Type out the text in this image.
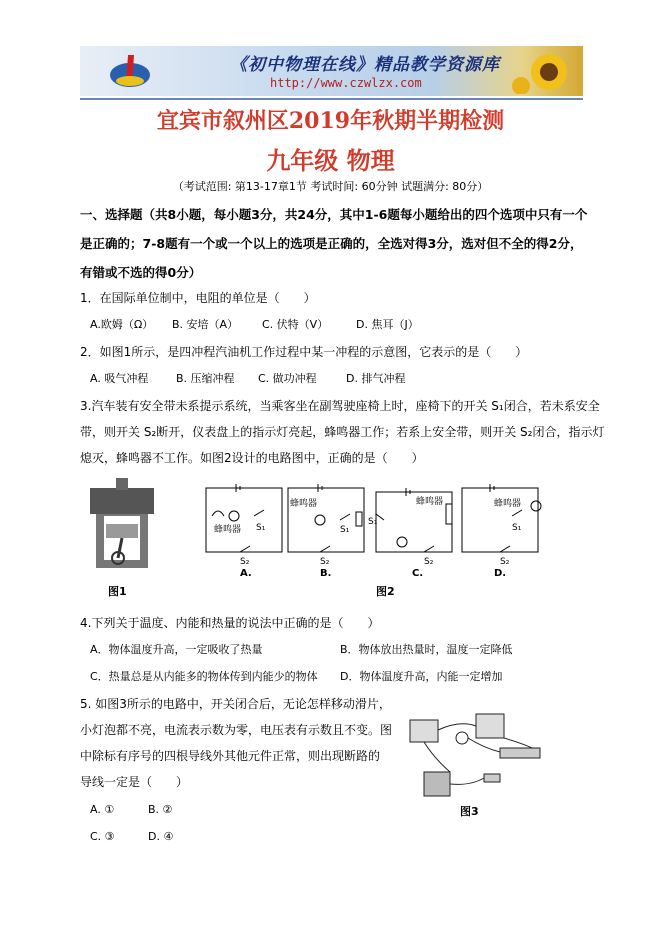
《初中物理在线》精品教学资源库
http://www.czwlzx.com
宜宾市叙州区2019年秋期半期检测
九年级 物理
（考试范围: 第13-17章1节 考试时间: 60分钟 试题满分: 80分）
一、选择题（共8小题，每小题3分，共24分，其中1-6题每小题给出的四个选项中只有一个是正确的；7-8题有一个或一个以上的选项是正确的，全选对得3分，选对但不全的得2分，有错或不选的得0分）
1．在国际单位制中，电阻的单位是（　　）
A.欧姆（Ω） B. 安培（A） C. 伏特（V）	D. 焦耳（J）
2．如图1所示，是四冲程汽油机工作过程中某一冲程的示意图，它表示的是（　　）
A. 吸气冲程	B. 压缩冲程 C. 做功冲程	D. 排气冲程
3.汽车装有安全带未系提示系统，当乘客坐在副驾驶座椅上时，座椅下的开关 S₁闭合，若未系安全
带，则开关 S₂断开，仪表盘上的指示灯亮起，蜂鸣器工作；若系上安全带，则开关 S₂闭合，指示灯
熄灭，蜂鸣器不工作。如图2设计的电路图中，正确的是（　　）
图1
蜂鸣器 S₁
S₂
蜂鸣器
S₁
S₂
蜂鸣器
S₁
S₂
蜂鸣器
S₁
S₂
A.	B.	C.	D.
图2
4.下列关于温度、内能和热量的说法中正确的是（　　）
A．物体温度升高，一定吸收了热量	B．物体放出热量时，温度一定降低
C．热量总是从内能多的物体传到内能少的物体 D．物体温度升高，内能一定增加
5. 如图3所示的电路中，开关闭合后，无论怎样移动滑片，
小灯泡都不亮，电流表示数为零，电压表有示数且不变。图
中除标有序号的四根导线外其他元件正常，则出现断路的
导线一定是（　　）
A. ①	B. ②
C. ③	D. ④
图3
